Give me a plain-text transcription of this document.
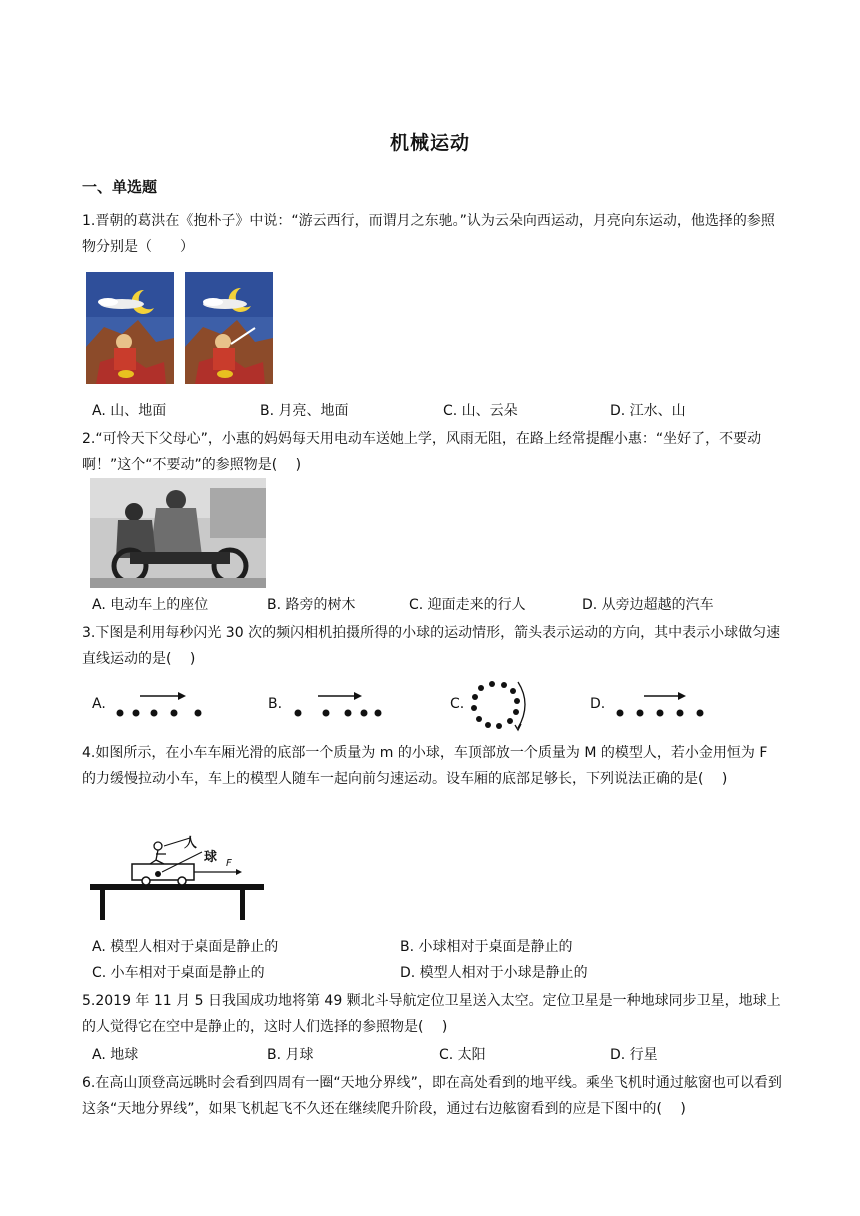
机械运动
一、单选题
1.晋朝的葛洪在《抱朴子》中说：“游云西行，而谓月之东驰。”认为云朵向西运动，月亮向东运动，他选择的参照物分别是（　　）
A. 山、地面	B. 月亮、地面	C. 山、云朵	D. 江水、山
2.“可怜天下父母心”，小惠的妈妈每天用电动车送她上学，风雨无阻，在路上经常提醒小惠：“坐好了，不要动啊！”这个“不要动”的参照物是(　 )
A. 电动车上的座位	B. 路旁的树木	C. 迎面走来的行人	D. 从旁边超越的汽车
3.下图是利用每秒闪光 30 次的频闪相机拍摄所得的小球的运动情形，箭头表示运动的方向，其中表示小球做匀速直线运动的是(　 )
A.	B.	C.	D.
4.如图所示，在小车车厢光滑的底部一个质量为 m 的小球，车顶部放一个质量为 M 的模型人，若小金用恒为 F 的力缓慢拉动小车，车上的模型人随车一起向前匀速运动。设车厢的底部足够长，下列说法正确的是(　 )
人
球 F
A. 模型人相对于桌面是静止的	B. 小球相对于桌面是静止的
C. 小车相对于桌面是静止的	D. 模型人相对于小球是静止的
5.2019 年 11 月 5 日我国成功地将第 49 颗北斗导航定位卫星送入太空。定位卫星是一种地球同步卫星，地球上的人觉得它在空中是静止的，这时人们选择的参照物是(　 )
A. 地球	B. 月球	C. 太阳	D. 行星
6.在高山顶登高远眺时会看到四周有一圈“天地分界线”，即在高处看到的地平线。乘坐飞机时通过舷窗也可以看到这条“天地分界线”，如果飞机起飞不久还在继续爬升阶段，通过右边舷窗看到的应是下图中的(　 )
